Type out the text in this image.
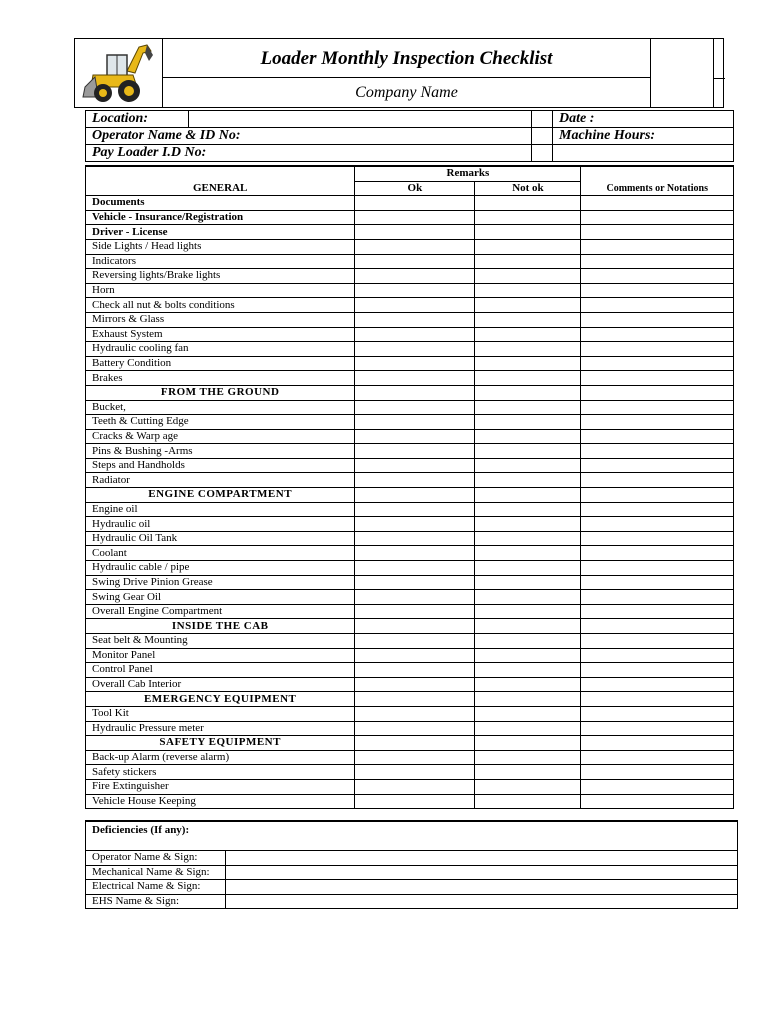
Loader Monthly Inspection Checklist
Company Name
Location:			Date :
Operator Name & ID No:			Machine Hours:
Pay Loader I.D No:			
GENERAL	Remarks		Comments or Notations
	Ok	Not ok	
Documents			
Vehicle - Insurance/Registration			
Driver - License			
Side Lights / Head lights			
Indicators			
Reversing lights/Brake lights			
Horn			
Check all nut & bolts conditions			
Mirrors & Glass			
Exhaust System			
Hydraulic cooling fan			
Battery Condition			
Brakes			
FROM THE GROUND			
Bucket,			
Teeth & Cutting Edge			
Cracks & Warp age			
Pins & Bushing -Arms			
Steps and Handholds			
Radiator			
ENGINE COMPARTMENT			
Engine oil			
Hydraulic oil			
Hydraulic Oil Tank			
Coolant			
Hydraulic cable / pipe			
Swing Drive Pinion Grease			
Swing Gear Oil			
Overall Engine Compartment			
INSIDE THE CAB			
Seat belt & Mounting			
Monitor Panel			
Control Panel			
Overall Cab Interior			
EMERGENCY EQUIPMENT			
Tool Kit			
Hydraulic Pressure meter			
SAFETY EQUIPMENT			
Back-up Alarm (reverse alarm)			
Safety stickers			
Fire Extinguisher			
Vehicle House Keeping			
Deficiencies (If any):	
Operator Name & Sign:	
Mechanical Name & Sign:	
Electrical Name & Sign:	
EHS Name & Sign:	
